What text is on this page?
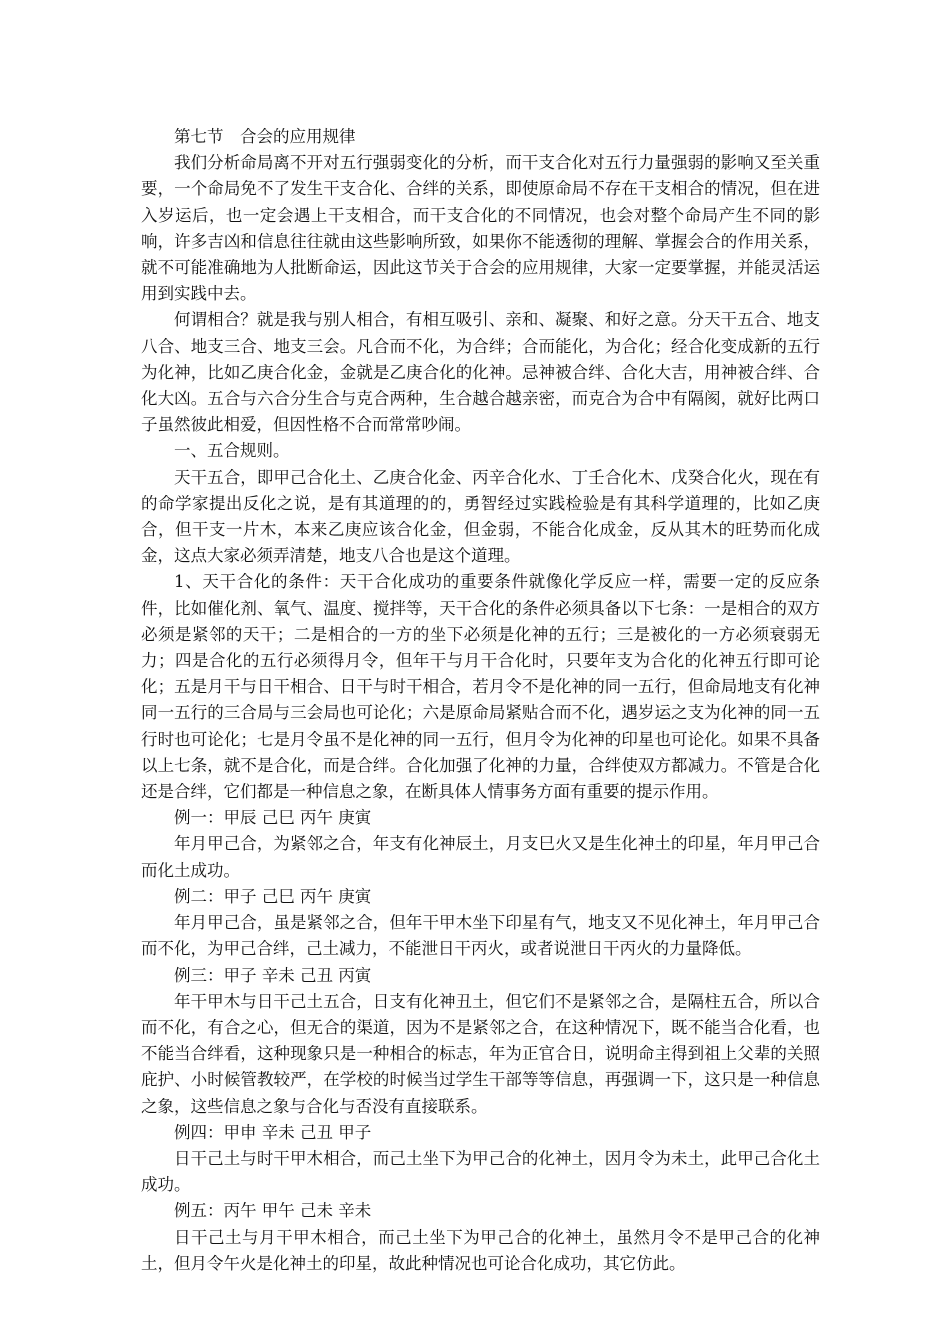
第七节　合会的应用规律

我们分析命局离不开对五行强弱变化的分析，而干支合化对五行力量强弱的影响又至关重要，一个命局免不了发生干支合化、合绊的关系，即使原命局不存在干支相合的情况，但在进入岁运后，也一定会遇上干支相合，而干支合化的不同情况，也会对整个命局产生不同的影响，许多吉凶和信息往往就由这些影响所致，如果你不能透彻的理解、掌握会合的作用关系，就不可能准确地为人批断命运，因此这节关于合会的应用规律，大家一定要掌握，并能灵活运用到实践中去。

何谓相合？就是我与别人相合，有相互吸引、亲和、凝聚、和好之意。分天干五合、地支八合、地支三合、地支三会。凡合而不化，为合绊；合而能化，为合化；经合化变成新的五行为化神，比如乙庚合化金，金就是乙庚合化的化神。忌神被合绊、合化大吉，用神被合绊、合化大凶。五合与六合分生合与克合两种，生合越合越亲密，而克合为合中有隔阂，就好比两口子虽然彼此相爱，但因性格不合而常常吵闹。

一、五合规则。

天干五合，即甲己合化土、乙庚合化金、丙辛合化水、丁壬合化木、戊癸合化火，现在有的命学家提出反化之说，是有其道理的的，勇智经过实践检验是有其科学道理的，比如乙庚合，但干支一片木，本来乙庚应该合化金，但金弱，不能合化成金，反从其木的旺势而化成金，这点大家必须弄清楚，地支八合也是这个道理。

1、天干合化的条件：天干合化成功的重要条件就像化学反应一样，需要一定的反应条件，比如催化剂、氧气、温度、搅拌等，天干合化的条件必须具备以下七条：一是相合的双方必须是紧邻的天干；二是相合的一方的坐下必须是化神的五行；三是被化的一方必须衰弱无力；四是合化的五行必须得月令，但年干与月干合化时，只要年支为合化的化神五行即可论化；五是月干与日干相合、日干与时干相合，若月令不是化神的同一五行，但命局地支有化神同一五行的三合局与三会局也可论化；六是原命局紧贴合而不化，遇岁运之支为化神的同一五行时也可论化；七是月令虽不是化神的同一五行，但月令为化神的印星也可论化。如果不具备以上七条，就不是合化，而是合绊。合化加强了化神的力量，合绊使双方都减力。不管是合化还是合绊，它们都是一种信息之象，在断具体人情事务方面有重要的提示作用。

例一：甲辰 己巳 丙午 庚寅

年月甲己合，为紧邻之合，年支有化神辰土，月支巳火又是生化神土的印星，年月甲己合而化土成功。

例二：甲子 己巳 丙午 庚寅

年月甲己合，虽是紧邻之合，但年干甲木坐下印星有气，地支又不见化神土，年月甲己合而不化，为甲己合绊，己土减力，不能泄日干丙火，或者说泄日干丙火的力量降低。

例三：甲子 辛未 己丑 丙寅

年干甲木与日干己土五合，日支有化神丑土，但它们不是紧邻之合，是隔柱五合，所以合而不化，有合之心，但无合的渠道，因为不是紧邻之合，在这种情况下，既不能当合化看，也不能当合绊看，这种现象只是一种相合的标志，年为正官合日，说明命主得到祖上父辈的关照庇护、小时候管教较严，在学校的时候当过学生干部等等信息，再强调一下，这只是一种信息之象，这些信息之象与合化与否没有直接联系。

例四：甲申 辛未 己丑 甲子

日干己土与时干甲木相合，而己土坐下为甲己合的化神土，因月令为未土，此甲己合化土成功。

例五：丙午 甲午 己未 辛未

日干己土与月干甲木相合，而己土坐下为甲己合的化神土，虽然月令不是甲己合的化神土，但月令午火是化神土的印星，故此种情况也可论合化成功，其它仿此。
